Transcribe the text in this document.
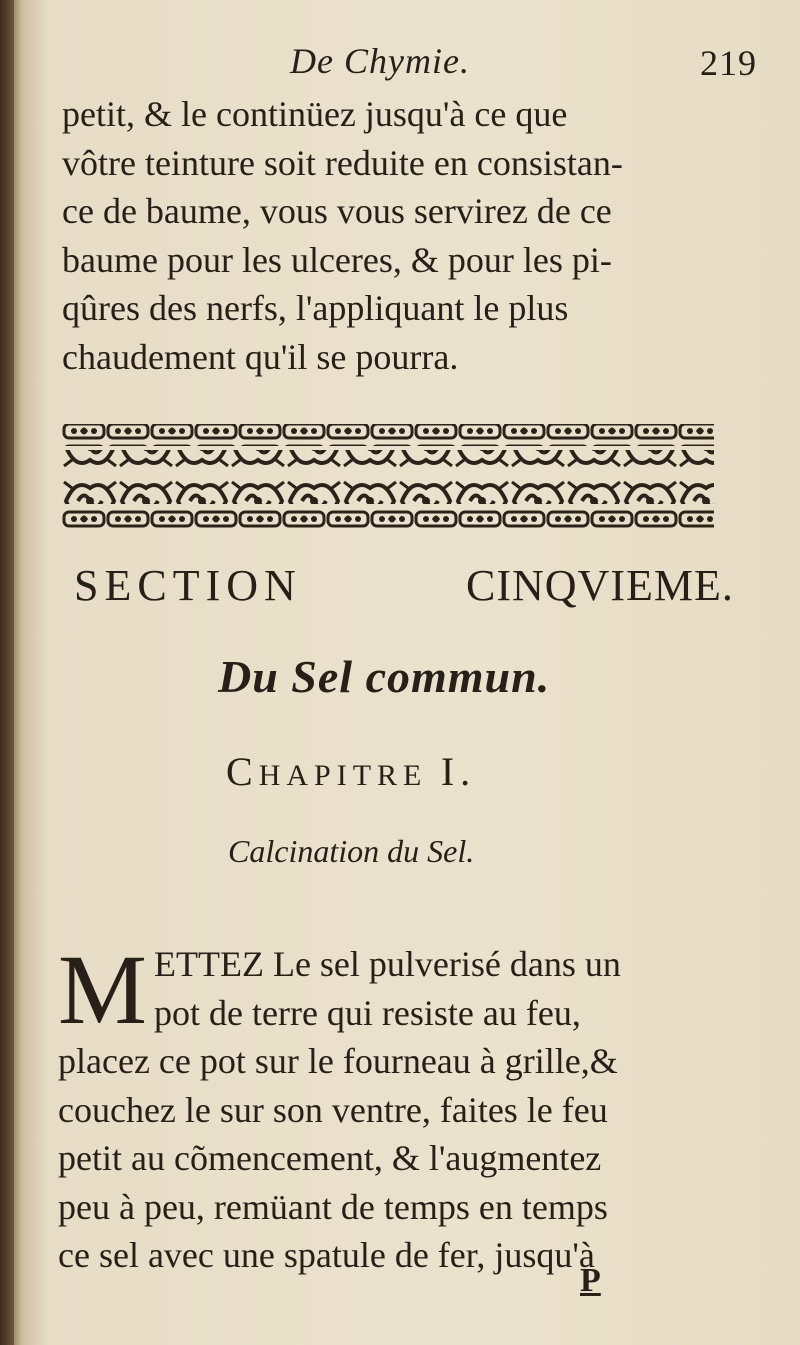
De Chymie.	219
petit, & le continüez jusqu'à ce que
vôtre teinture soit reduite en consistan-
ce de baume, vous vous servirez de ce
baume pour les ulceres, & pour les pi-
qûres des nerfs, l'appliquant le plus
chaudement qu'il se pourra.
SECTION	CINQVIEME.
Du Sel commun.
CHAPITRE I.
Calcination du Sel.
M ETTEZ Le sel pulverisé dans un
pot de terre qui resiste au feu,
placez ce pot sur le fourneau à grille,&
couchez le sur son ventre, faites le feu
petit au cõmencement, & l'augmentez
peu à peu, remüant de temps en temps
ce sel avec une spatule de fer, jusqu'à
P
